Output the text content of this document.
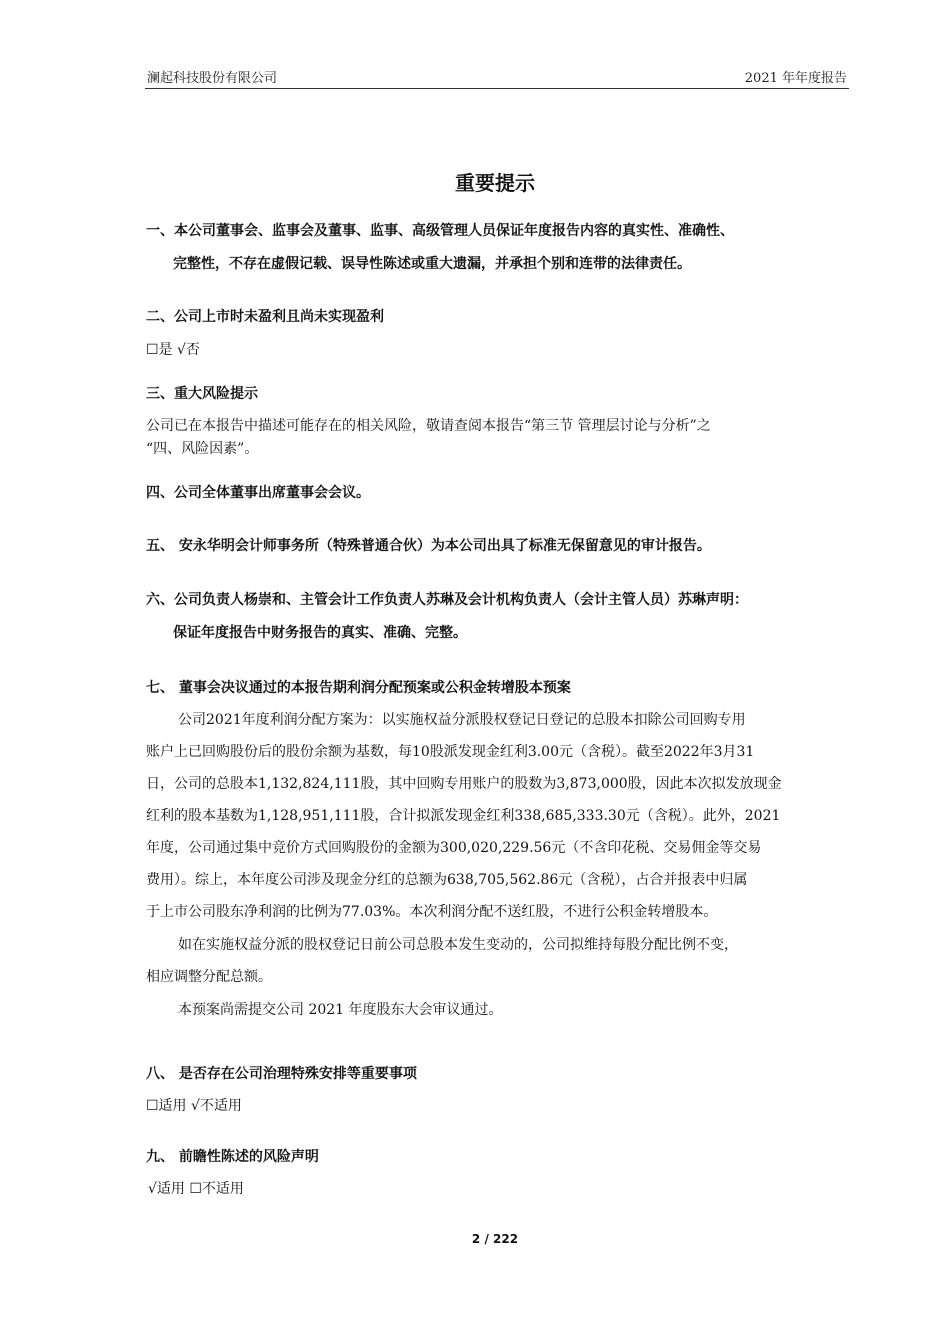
澜起科技股份有限公司	2021 年年度报告
重要提示

一、本公司董事会、监事会及董事、监事、高级管理人员保证年度报告内容的真实性、准确性、

完整性，不存在虚假记载、误导性陈述或重大遗漏，并承担个别和连带的法律责任。

二、公司上市时未盈利且尚未实现盈利

☐是 √否

三、重大风险提示

公司已在本报告中描述可能存在的相关风险，敬请查阅本报告“第三节 管理层讨论与分析”之

“四、风险因素”。

四、公司全体董事出席董事会会议。

五、 安永华明会计师事务所（特殊普通合伙）为本公司出具了标准无保留意见的审计报告。

六、公司负责人杨崇和、主管会计工作负责人苏琳及会计机构负责人（会计主管人员）苏琳声明：

保证年度报告中财务报告的真实、准确、完整。

七、 董事会决议通过的本报告期利润分配预案或公积金转增股本预案

公司2021年度利润分配方案为：以实施权益分派股权登记日登记的总股本扣除公司回购专用

账户上已回购股份后的股份余额为基数，每10股派发现金红利3.00元（含税）。截至2022年3月31

日，公司的总股本1,132,824,111股，其中回购专用账户的股数为3,873,000股，因此本次拟发放现金

红利的股本基数为1,128,951,111股，合计拟派发现金红利338,685,333.30元（含税）。此外，2021

年度，公司通过集中竞价方式回购股份的金额为300,020,229.56元（不含印花税、交易佣金等交易

费用）。综上，本年度公司涉及现金分红的总额为638,705,562.86元（含税），占合并报表中归属

于上市公司股东净利润的比例为77.03%。本次利润分配不送红股，不进行公积金转增股本。

如在实施权益分派的股权登记日前公司总股本发生变动的，公司拟维持每股分配比例不变，

相应调整分配总额。

本预案尚需提交公司 2021 年度股东大会审议通过。

八、 是否存在公司治理特殊安排等重要事项

☐适用 √不适用

九、 前瞻性陈述的风险声明

√适用 ☐不适用

2 / 222
